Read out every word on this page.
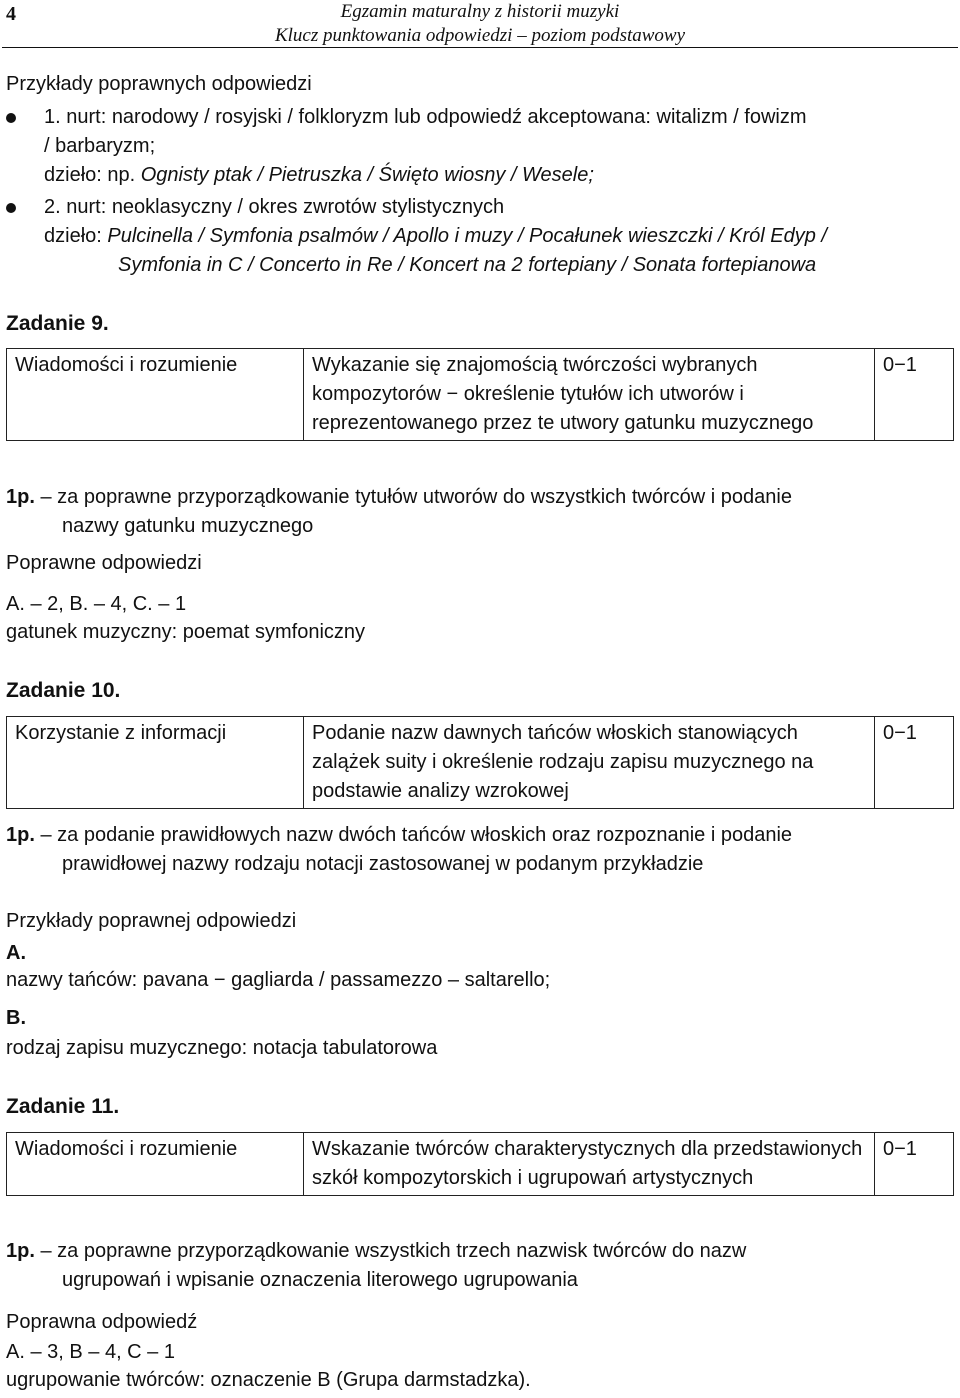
4	Egzamin maturalny z historii muzyki
Klucz punktowania odpowiedzi – poziom podstawowy
Przykłady poprawnych odpowiedzi
1. nurt: narodowy / rosyjski / folkloryzm lub odpowiedź akceptowana: witalizm / fowizm
/ barbaryzm;
dzieło: np. Ognisty ptak / Pietruszka / Święto wiosny / Wesele;
2. nurt: neoklasyczny / okres zwrotów stylistycznych
dzieło: Pulcinella / Symfonia psalmów / Apollo i muzy / Pocałunek wieszczki / Król Edyp /
Symfonia in C / Concerto in Re / Koncert na 2 fortepiany / Sonata fortepianowa
Zadanie 9.
Wiadomości i rozumienie	Wykazanie się znajomością twórczości wybranych kompozytorów − określenie tytułów ich utworów i reprezentowanego przez te utwory gatunku muzycznego	0−1
1p. – za poprawne przyporządkowanie tytułów utworów do wszystkich twórców i podanie
nazwy gatunku muzycznego
Poprawne odpowiedzi
A. – 2, B. – 4, C. – 1
gatunek muzyczny: poemat symfoniczny
Zadanie 10.
Korzystanie z informacji	Podanie nazw dawnych tańców włoskich stanowiących zalążek suity i określenie rodzaju zapisu muzycznego na podstawie analizy wzrokowej	0−1
1p. – za podanie prawidłowych nazw dwóch tańców włoskich oraz rozpoznanie i podanie
prawidłowej nazwy rodzaju notacji zastosowanej w podanym przykładzie
Przykłady poprawnej odpowiedzi
A.
nazwy tańców: pavana − gagliarda / passamezzo – saltarello;
B.
rodzaj zapisu muzycznego: notacja tabulatorowa
Zadanie 11.
Wiadomości i rozumienie	Wskazanie twórców charakterystycznych dla przedstawionych szkół kompozytorskich i ugrupowań artystycznych	0−1
1p. – za poprawne przyporządkowanie wszystkich trzech nazwisk twórców do nazw
ugrupowań i wpisanie oznaczenia literowego ugrupowania
Poprawna odpowiedź
A. – 3, B – 4, C – 1
ugrupowanie twórców: oznaczenie B (Grupa darmstadzka).
